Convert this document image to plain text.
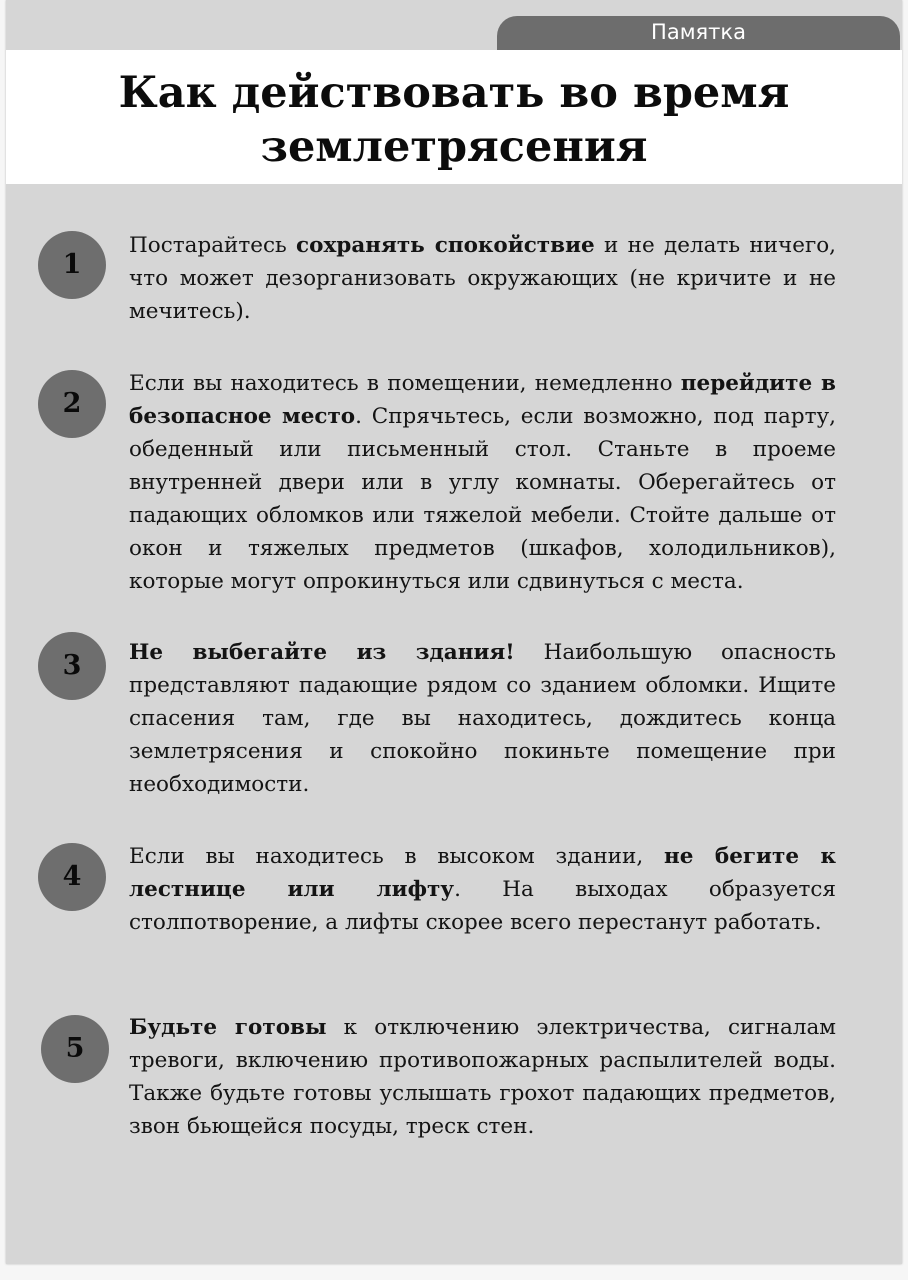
Памятка
Как действовать во время
землетрясения
1

Постарайтесь сохранять спокойствие и не делать ничего, что может дезорганизовать окружающих (не кричите и не мечитесь).

2

Если вы находитесь в помещении, немедленно перейдите в безопасное место. Спрячьтесь, если возможно, под парту, обеденный или письменный стол. Станьте в проеме внутренней двери или в углу комнаты. Оберегайтесь от падающих обломков или тяжелой мебели. Стойте дальше от окон и тяжелых предметов (шкафов, холодильников), которые могут опрокинуться или сдвинуться с места.

3	Не выбегайте из здания! Наибольшую опасность представляют падающие рядом со зданием обломки. Ищите спасения там, где вы находитесь, дождитесь конца землетрясения и спокойно покиньте помещение при необходимости.

4

Если вы находитесь в высоком здании, не бегите к лестнице или лифту. На выходах образуется столпотворение, а лифты скорее всего перестанут работать.

5

Будьте готовы к отключению электричества, сигналам тревоги, включению противопожарных распылителей воды. Также будьте готовы услышать грохот падающих предметов, звон бьющейся посуды, треск стен.
